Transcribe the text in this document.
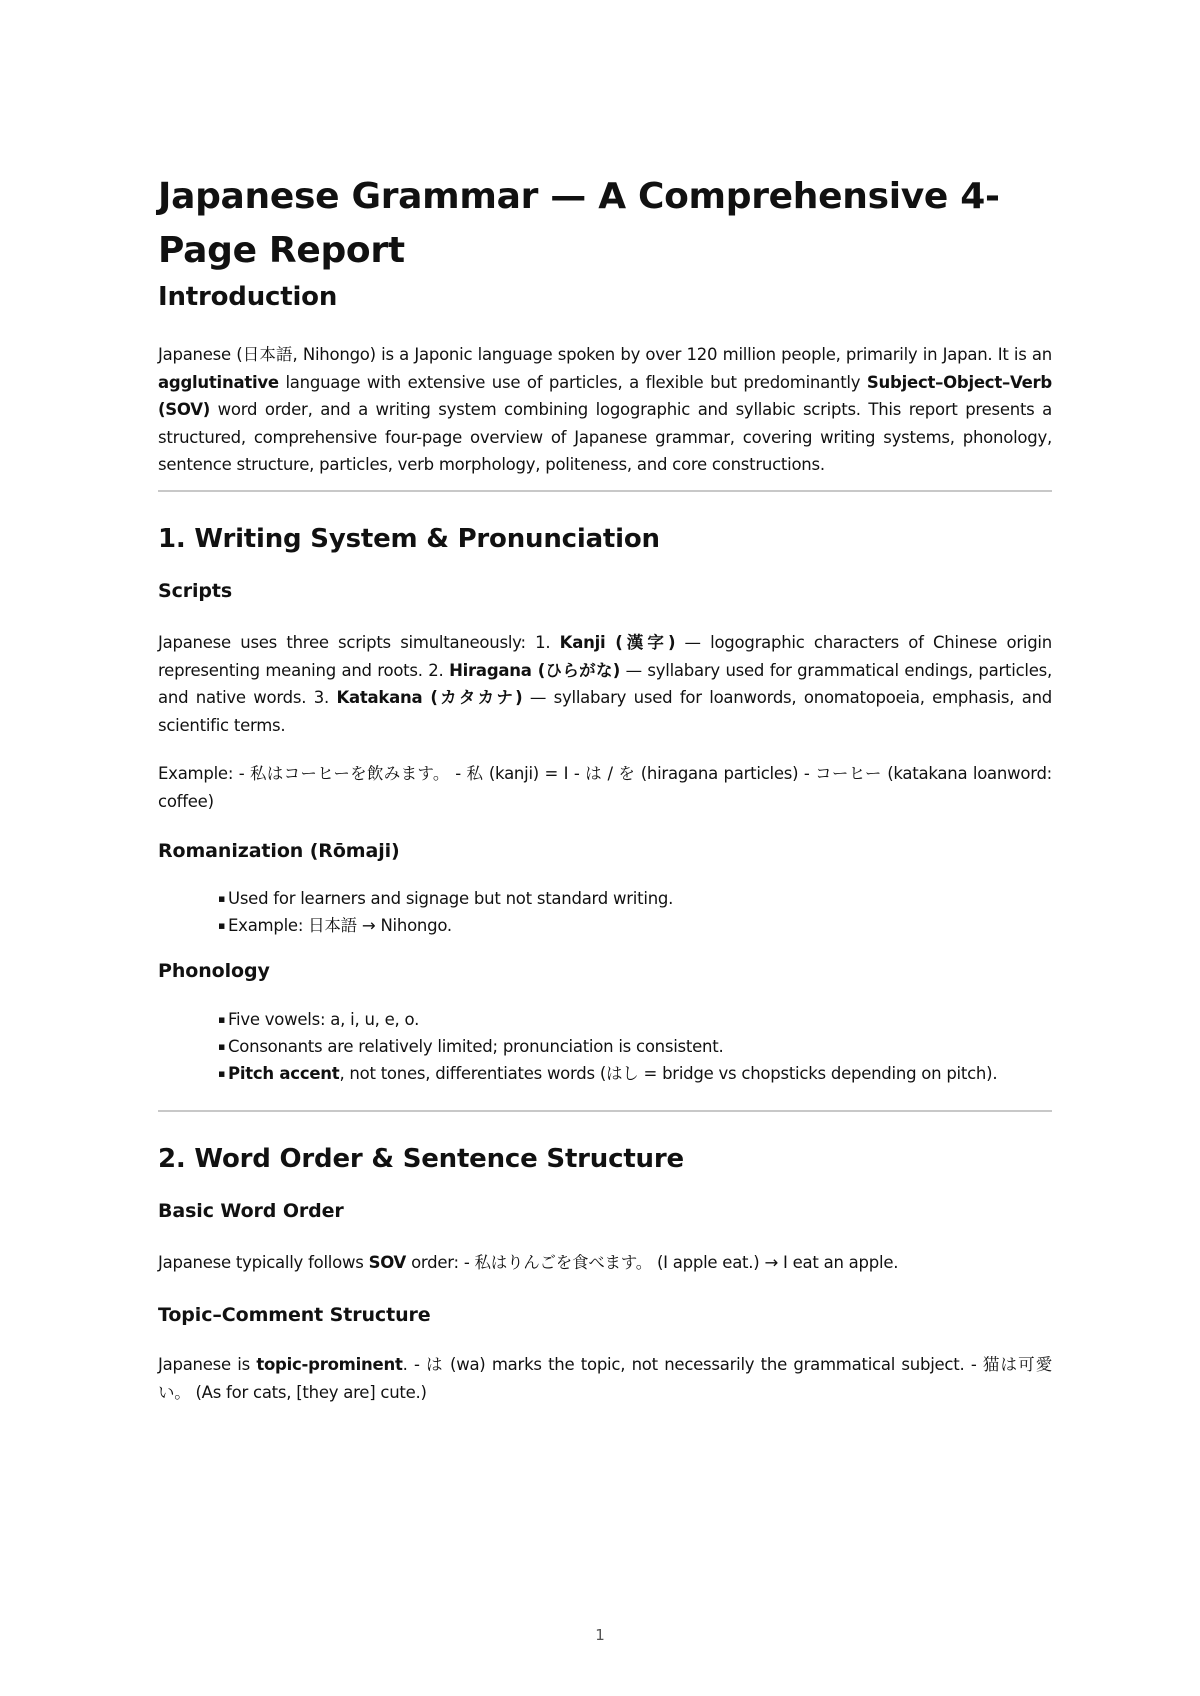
Japanese Grammar — A Comprehensive 4-Page Report
Introduction

Japanese (日本語, Nihongo) is a Japonic language spoken by over 120 million people, primarily in Japan. It is an agglutinative language with extensive use of particles, a flexible but predominantly Subject–Object–Verb (SOV) word order, and a writing system combining logographic and syllabic scripts. This report presents a structured, comprehensive four-page overview of Japanese grammar, covering writing systems, phonology, sentence structure, particles, verb morphology, politeness, and core constructions.

1. Writing System & Pronunciation
Scripts

Japanese uses three scripts simultaneously: 1. Kanji (漢字) — logographic characters of Chinese origin representing meaning and roots. 2. Hiragana (ひらがな) — syllabary used for grammatical endings, particles, and native words. 3. Katakana (カタカナ) — syllabary used for loanwords, onomatopoeia, emphasis, and scientific terms.

Example: - 私はコーヒーを飲みます。 - 私 (kanji) = I - は / を (hiragana particles) - コーヒー (katakana loanword: coffee)

Romanization (Rōmaji)
▪ Used for learners and signage but not standard writing.
▪ Example: 日本語 → Nihongo.
Phonology
▪ Five vowels: a, i, u, e, o.
▪ Consonants are relatively limited; pronunciation is consistent.
▪ Pitch accent, not tones, differentiates words (はし = bridge vs chopsticks depending on pitch).
2. Word Order & Sentence Structure
Basic Word Order

Japanese typically follows SOV order: - 私はりんごを食べます。 (I apple eat.) → I eat an apple.

Topic–Comment Structure

Japanese is topic-prominent. - は (wa) marks the topic, not necessarily the grammatical subject. - 猫は可愛い。 (As for cats, [they are] cute.)

1
